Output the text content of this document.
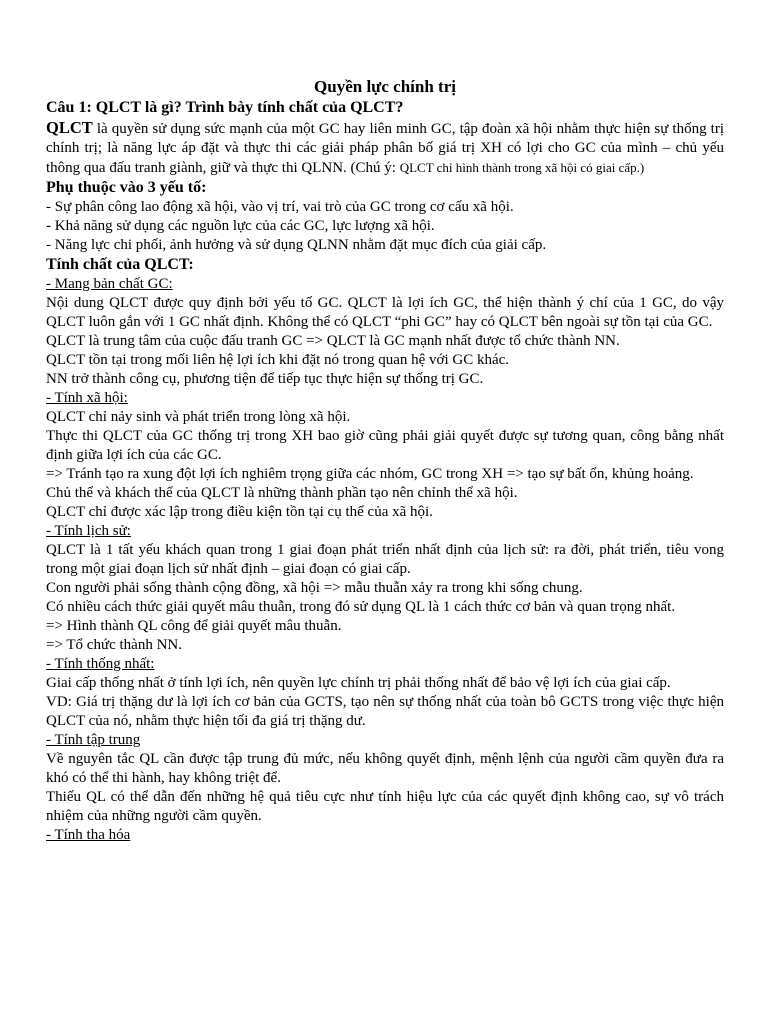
Quyền lực chính trị

Câu 1: QLCT là gì? Trình bày tính chất của QLCT?

QLCT là quyền sử dụng sức mạnh của một GC hay liên minh GC, tập đoàn xã hội nhằm thực hiện sự thống trị chính trị; là năng lực áp đặt và thực thi các giải pháp phân bố giá trị XH có lợi cho GC của mình – chủ yếu thông qua đấu tranh giành, giữ và thực thi QLNN. (Chú ý: QLCT chỉ hình thành trong xã hội có giai cấp.)

Phụ thuộc vào 3 yếu tố:

- Sự phân công lao động xã hội, vào vị trí, vai trò của GC trong cơ cấu xã hội.

- Khả năng sử dụng các nguồn lực của các GC, lực lượng xã hội.

- Năng lực chi phối, ảnh hưởng và sử dụng QLNN nhằm đặt mục đích của giải cấp.

Tính chất của QLCT:

- Mang bản chất GC:

Nội dung QLCT được quy định bởi yếu tố GC. QLCT là lợi ích GC, thể hiện thành ý chí của 1 GC, do vậy QLCT luôn gắn với 1 GC nhất định. Không thể có QLCT “phi GC” hay có QLCT bên ngoài sự tồn tại của GC.

QLCT là trung tâm của cuộc đấu tranh GC => QLCT là GC mạnh nhất được tổ chức thành NN.

QLCT tồn tại trong mối liên hệ lợi ích khi đặt nó trong quan hệ với GC khác.

NN trở thành công cụ, phương tiện để tiếp tục thực hiện sự thống trị GC.

- Tính xã hội:

QLCT chỉ nảy sinh và phát triển trong lòng xã hội.

Thực thi QLCT của GC thống trị trong XH bao giờ cũng phải giải quyết được sự tương quan, công bằng nhất định giữa lợi ích của các GC.

=> Tránh tạo ra xung đột lợi ích nghiêm trọng giữa các nhóm, GC trong XH => tạo sự bất ổn, khủng hoảng.

Chủ thể và khách thể của QLCT là những thành phần tạo nên chỉnh thể xã hội.

QLCT chỉ được xác lập trong điều kiện tồn tại cụ thể của xã hội.

- Tính lịch sử:

QLCT là 1 tất yếu khách quan trong 1 giai đoạn phát triển nhất định của lịch sử: ra đời, phát triển, tiêu vong trong một giai đoạn lịch sử nhất định – giai đoạn có giai cấp.

Con người phải sống thành cộng đồng, xã hội => mẫu thuẫn xảy ra trong khi sống chung.

Có nhiều cách thức giải quyết mâu thuẫn, trong đó sử dụng QL là 1 cách thức cơ bản và quan trọng nhất.

=> Hình thành QL công để giải quyết mâu thuẫn.

=> Tổ chức thành NN.

- Tính thống nhất:

Giai cấp thống nhất ở tính lợi ích, nên quyền lực chính trị phải thống nhất để bảo vệ lợi ích của giai cấp.

VD: Giá trị thặng dư là lợi ích cơ bản của GCTS, tạo nên sự thống nhất của toàn bô GCTS trong việc thực hiện QLCT của nó, nhằm thực hiện tối đa giá trị thặng dư.

- Tính tập trung

Về nguyên tắc QL cần được tập trung đủ mức, nếu không quyết định, mệnh lệnh của người cầm quyền đưa ra khó có thể thi hành, hay không triệt để.

Thiếu QL có thể dẫn đến những hệ quả tiêu cực như tính hiệu lực của các quyết định không cao, sự vô trách nhiệm của những người cầm quyền.

- Tính tha hóa
